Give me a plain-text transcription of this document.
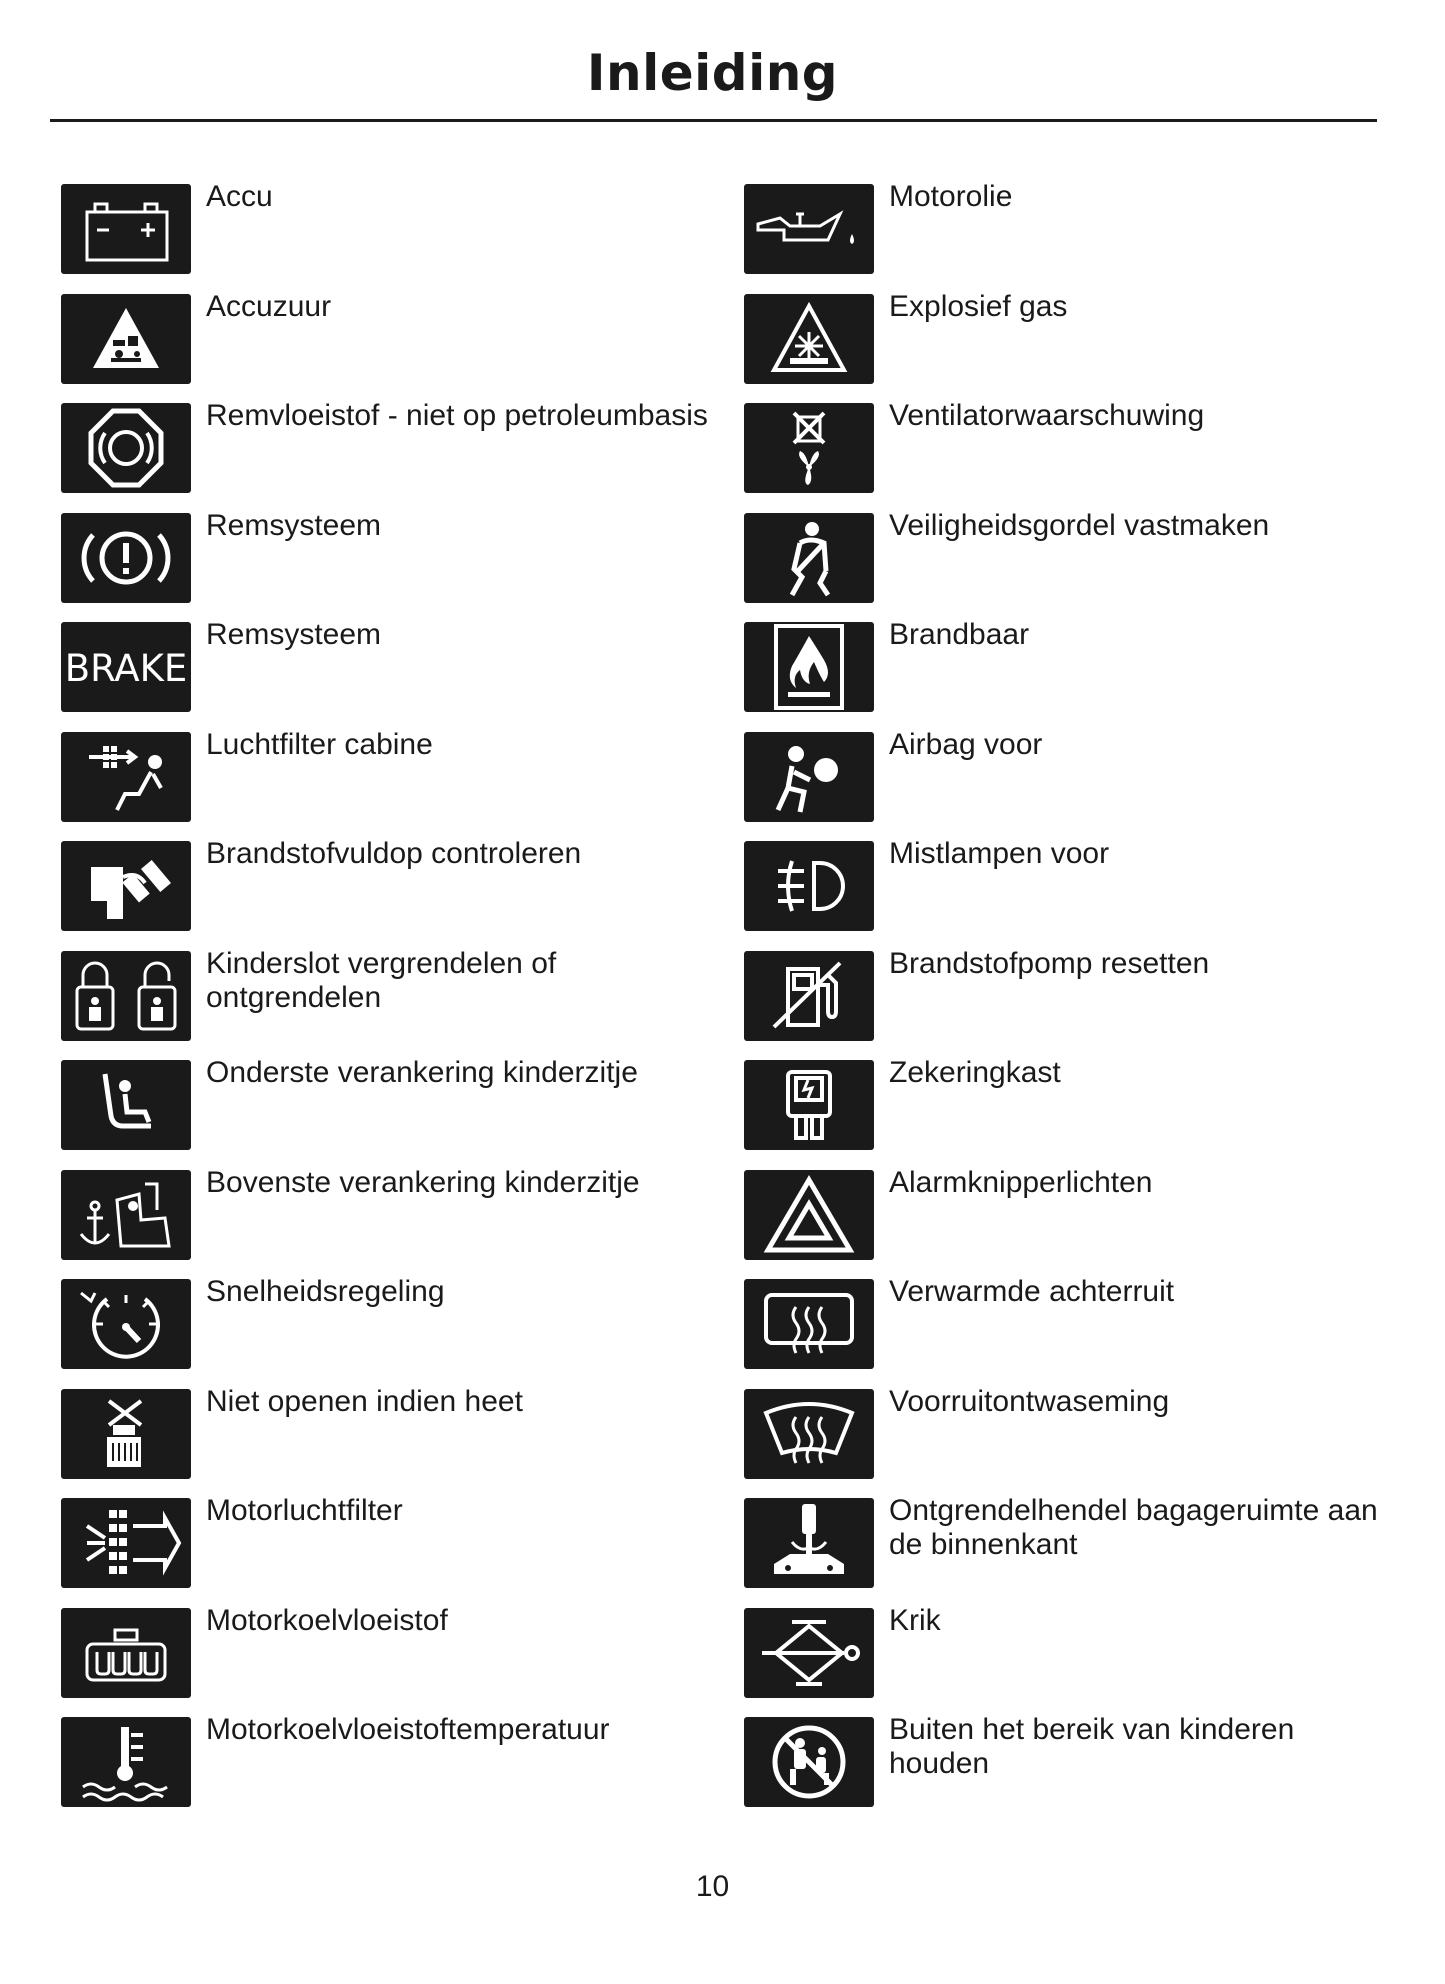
Inleiding
Accu
Accuzuur
Remvloeistof - niet op petroleumbasis
Remsysteem
BRAKE
Remsysteem
Luchtfilter cabine
Brandstofvuldop controleren
Kinderslot vergrendelen of ontgrendelen
Onderste verankering kinderzitje
Bovenste verankering kinderzitje
Snelheidsregeling
Niet openen indien heet
Motorluchtfilter
Motorkoelvloeistof
Motorkoelvloeistoftemperatuur
Motorolie
Explosief gas
Ventilatorwaarschuwing
Veiligheidsgordel vastmaken
Brandbaar
Airbag voor
Mistlampen voor
Brandstofpomp resetten
Zekeringkast
Alarmknipperlichten
Verwarmde achterruit
Voorruitontwaseming
Ontgrendelhendel bagageruimte aan de binnenkant
Krik
Buiten het bereik van kinderen houden
10
